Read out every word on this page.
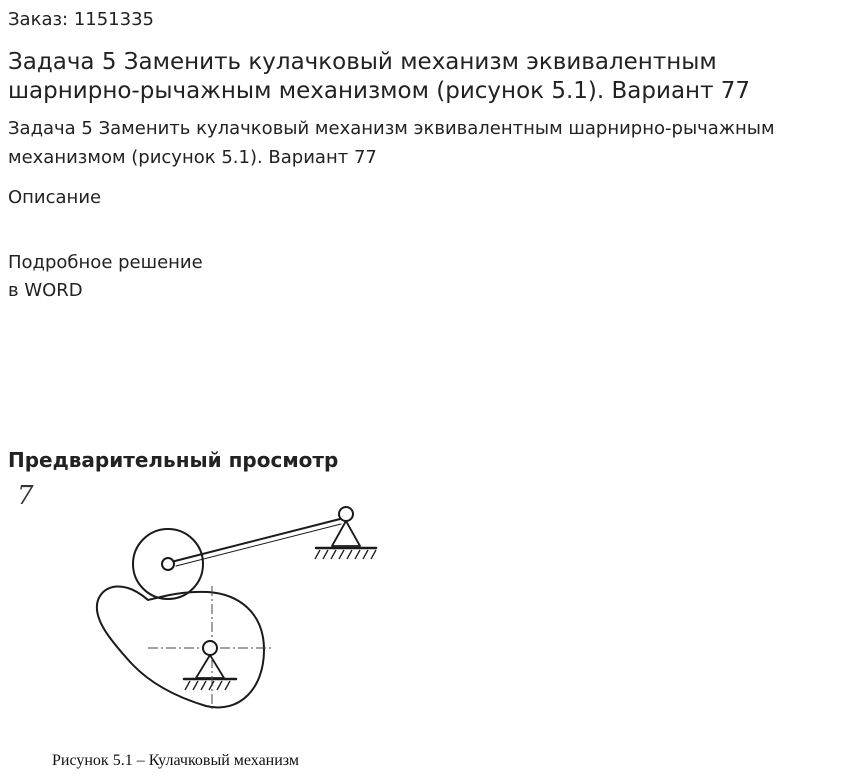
Заказ: 1151335
Задача 5 Заменить кулачковый механизм эквивалентным шарнирно-рычажным механизмом (рисунок 5.1). Вариант 77

Задача 5 Заменить кулачковый механизм эквивалентным шарнирно-рычажным механизмом (рисунок 5.1). Вариант 77

Описание
Подробное решение
в WORD
Предварительный просмотр
7
Рисунок 5.1 – Кулачковый механизм
